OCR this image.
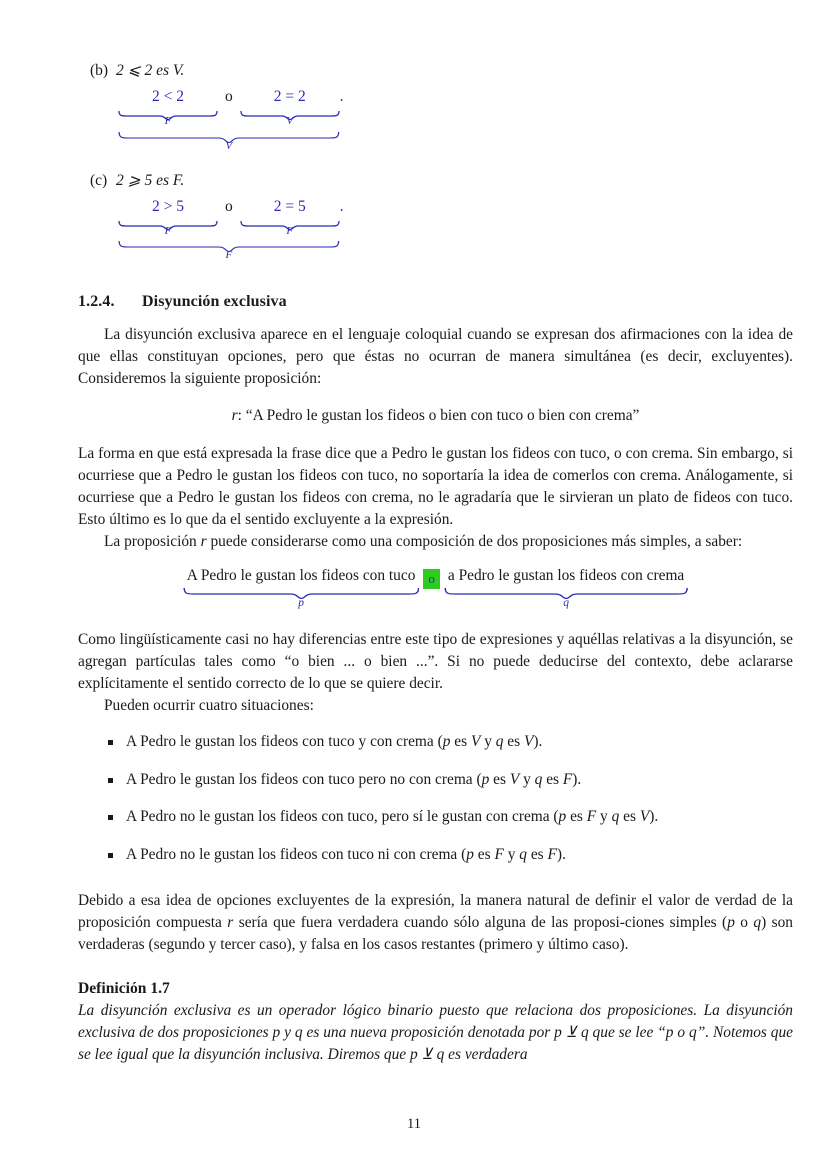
(b) 2 ⩽ 2 es V.
2 < 2
F
o	2 = 2
V
V
.
(c) 2 ⩾ 5 es F.
2 > 5
F
o	2 = 5
F
F
.
1.2.4. Disyunción exclusiva

La disyunción exclusiva aparece en el lenguaje coloquial cuando se expresan dos afirmaciones con la idea de que ellas constituyan opciones, pero que éstas no ocurran de manera simultánea (es decir, excluyentes). Consideremos la siguiente proposición:

r: “A Pedro le gustan los fideos o bien con tuco o bien con crema”

La forma en que está expresada la frase dice que a Pedro le gustan los fideos con tuco, o con crema. Sin embargo, si ocurriese que a Pedro le gustan los fideos con tuco, no soportaría la idea de comerlos con crema. Análogamente, si ocurriese que a Pedro le gustan los fideos con crema, no le agradaría que le sirvieran un plato de fideos con tuco. Esto último es lo que da el sentido excluyente a la expresión.

La proposición r puede considerarse como una composición de dos proposiciones más simples, a saber:

A Pedro le gustan los fideos con tuco
p
o a Pedro le gustan los fideos con crema
q

Como lingüísticamente casi no hay diferencias entre este tipo de expresiones y aquéllas relativas a la disyunción, se agregan partículas tales como “o bien ... o bien ...”. Si no puede deducirse del contexto, debe aclararse explícitamente el sentido correcto de lo que se quiere decir.

Pueden ocurrir cuatro situaciones:

A Pedro le gustan los fideos con tuco y con crema (p es V y q es V).
A Pedro le gustan los fideos con tuco pero no con crema (p es V y q es F).
A Pedro no le gustan los fideos con tuco, pero sí le gustan con crema (p es F y q es V).
A Pedro no le gustan los fideos con tuco ni con crema (p es F y q es F).

Debido a esa idea de opciones excluyentes de la expresión, la manera natural de definir el valor de verdad de la proposición compuesta r sería que fuera verdadera cuando sólo alguna de las proposi-ciones simples (p o q) son verdaderas (segundo y tercer caso), y falsa en los casos restantes (primero y último caso).

Definición 1.7

La disyunción exclusiva es un operador lógico binario puesto que relaciona dos proposiciones. La disyunción exclusiva de dos proposiciones p y q es una nueva proposición denotada por p ⊻ q que se lee “p o q”. Notemos que se lee igual que la disyunción inclusiva. Diremos que p ⊻ q es verdadera

11
